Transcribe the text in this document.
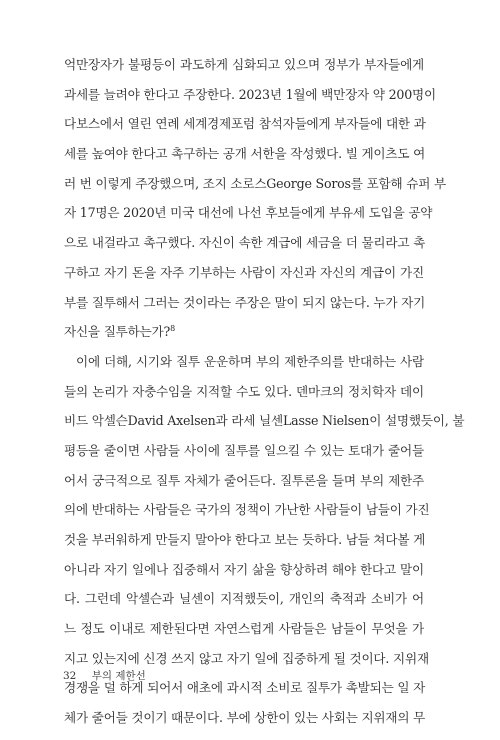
억만장자가 불평등이 과도하게 심화되고 있으며 정부가 부자들에게
과세를 늘려야 한다고 주장한다. 2023년 1월에 백만장자 약 200명이
다보스에서 열린 연례 세계경제포럼 참석자들에게 부자들에 대한 과
세를 높여야 한다고 촉구하는 공개 서한을 작성했다. 빌 게이츠도 여
러 번 이렇게 주장했으며, 조지 소로스George Soros를 포함해 슈퍼 부
자 17명은 2020년 미국 대선에 나선 후보들에게 부유세 도입을 공약
으로 내걸라고 촉구했다. 자신이 속한 계급에 세금을 더 물리라고 촉
구하고 자기 돈을 자주 기부하는 사람이 자신과 자신의 계급이 가진
부를 질투해서 그러는 것이라는 주장은 말이 되지 않는다. 누가 자기
자신을 질투하는가?$^8$
이에 더해, 시기와 질투 운운하며 부의 제한주의를 반대하는 사람
들의 논리가 자충수임을 지적할 수도 있다. 덴마크의 정치학자 데이
비드 악셀슨David Axelsen과 라세 닐센Lasse Nielsen이 설명했듯이, 불
평등을 줄이면 사람들 사이에 질투를 일으킬 수 있는 토대가 줄어들
어서 궁극적으로 질투 자체가 줄어든다. 질투론을 들며 부의 제한주
의에 반대하는 사람들은 국가의 정책이 가난한 사람들이 남들이 가진
것을 부러워하게 만들지 말아야 한다고 보는 듯하다. 남들 쳐다볼 게
아니라 자기 일에나 집중해서 자기 삶을 향상하려 해야 한다고 말이
다. 그런데 악셀슨과 닐센이 지적했듯이, 개인의 축적과 소비가 어
느 정도 이내로 제한된다면 자연스럽게 사람들은 남들이 무엇을 가
지고 있는지에 신경 쓰지 않고 자기 일에 집중하게 될 것이다. 지위재
경쟁을 덜 하게 되어서 애초에 과시적 소비로 질투가 촉발되는 일 자
체가 줄어들 것이기 때문이다. 부에 상한이 있는 사회는 지위재의 무
32 부의 제한선
